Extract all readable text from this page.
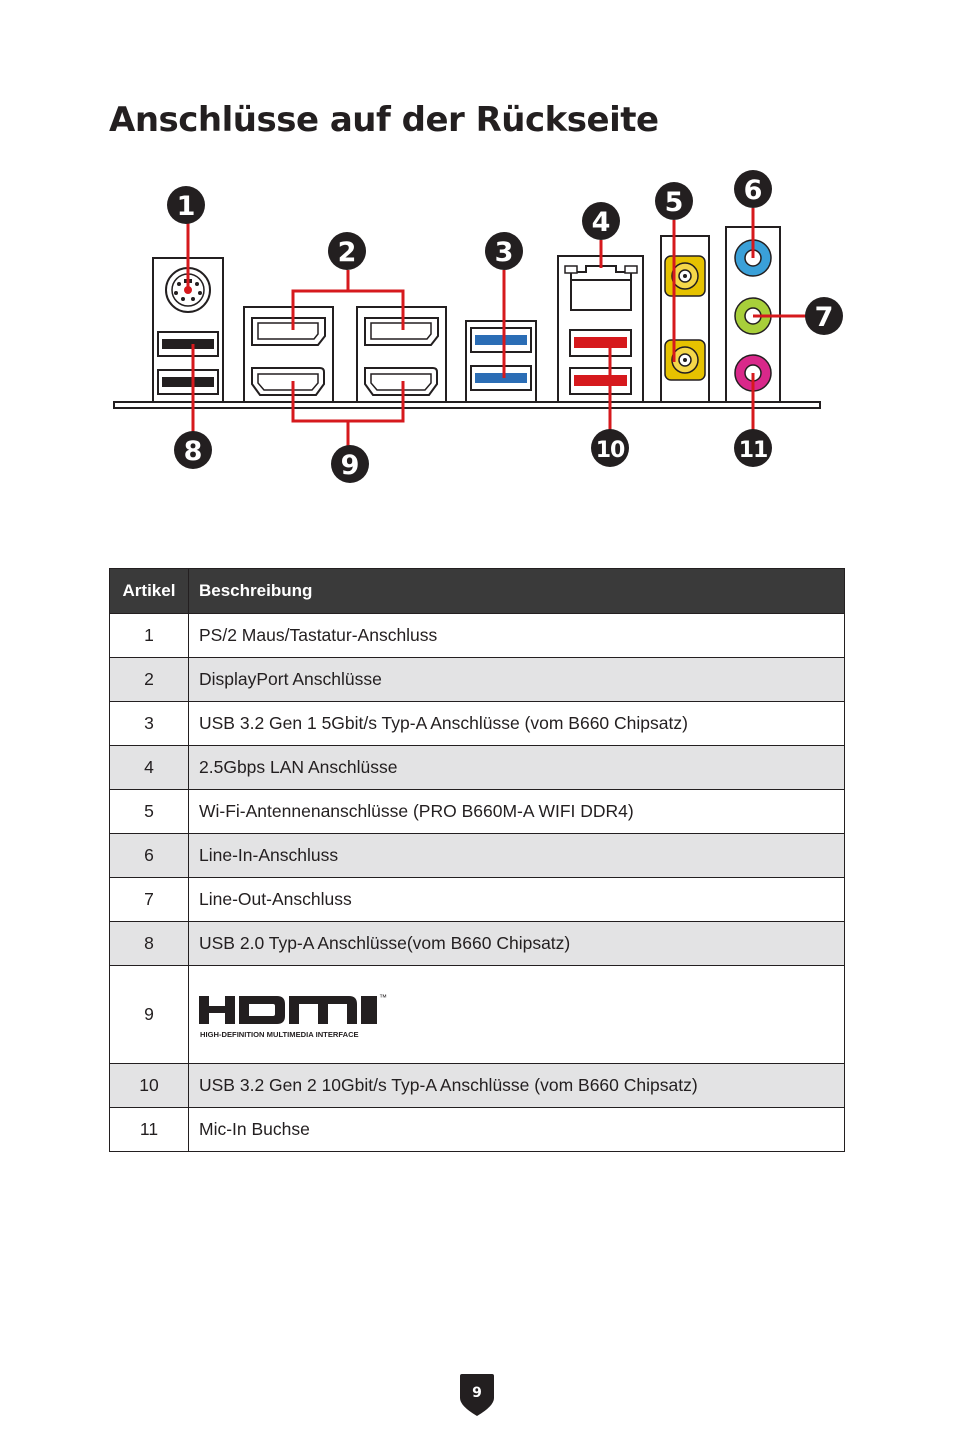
Anschlüsse auf der Rückseite
1
2	3
4
5 6
7
8	9	10	11
Artikel	Beschreibung
1	PS/2 Maus/Tastatur-Anschluss
2	DisplayPort Anschlüsse
3	USB 3.2 Gen 1 5Gbit/s Typ-A Anschlüsse (vom B660 Chipsatz)
4	2.5Gbps LAN Anschlüsse
5	Wi-Fi-Antennenanschlüsse (PRO B660M-A WIFI DDR4)
6	Line-In-Anschluss
7	Line-Out-Anschluss
8	USB 2.0 Typ-A Anschlüsse(vom B660 Chipsatz)
9	™
HIGH-DEFINITION MULTIMEDIA INTERFACE

10	USB 3.2 Gen 2 10Gbit/s Typ-A Anschlüsse (vom B660 Chipsatz)
11	Mic-In Buchse
9
